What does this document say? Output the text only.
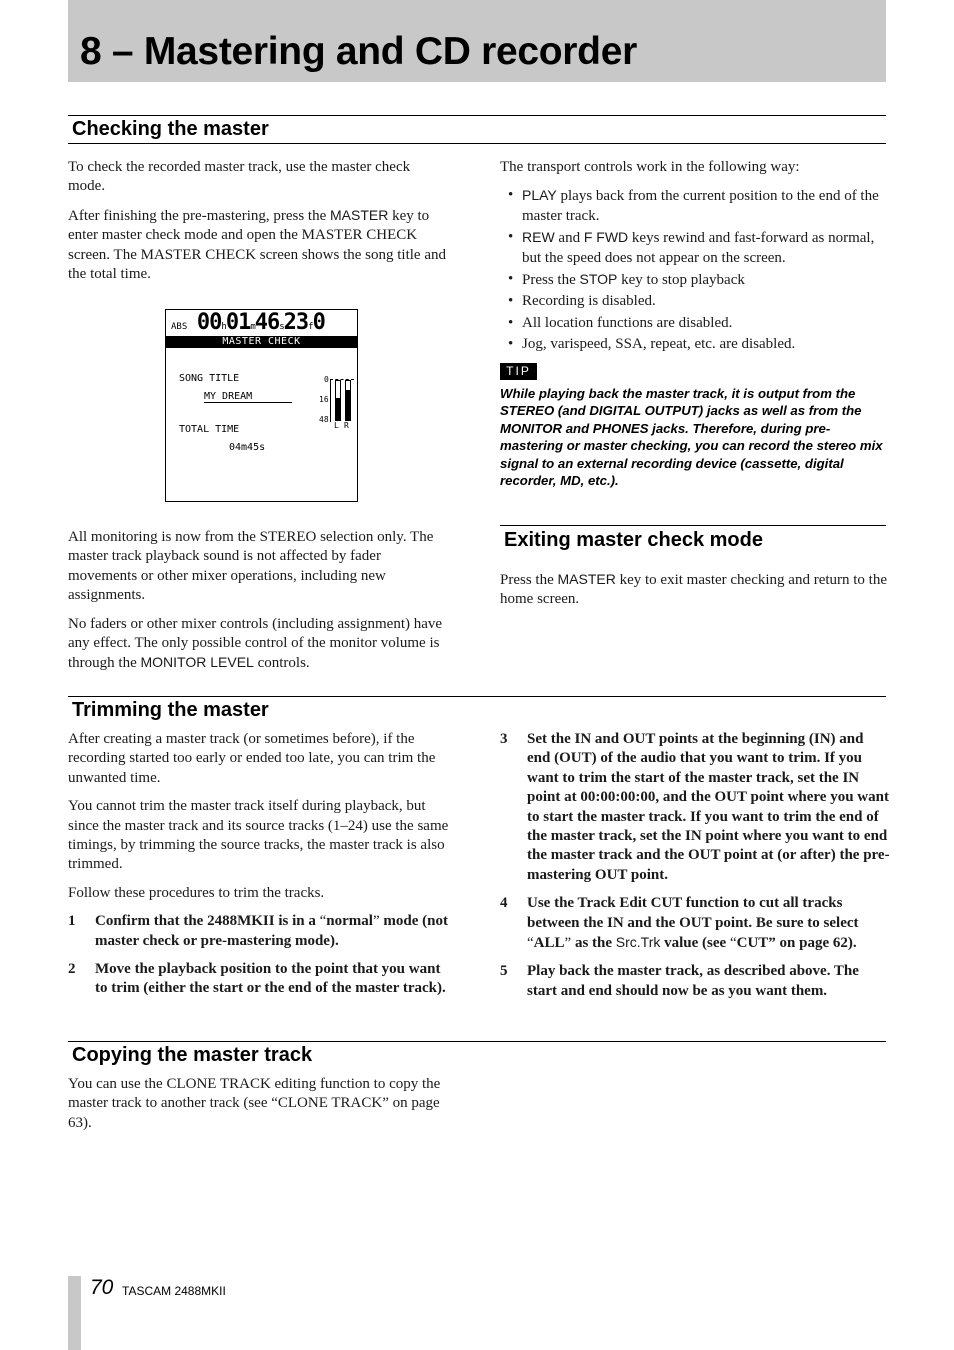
8 – Mastering and CD recorder
Checking the master

To check the recorded master track, use the master check mode.

After finishing the pre-mastering, press the MASTER key to enter master check mode and open the MASTER CHECK screen. The MASTER CHECK screen shows the song title and the total time.

ABS 00h01m46s23f0
MASTER CHECK
SONG TITLE
MY DREAM
TOTAL TIME
04m45s
0
16
48
L R

All monitoring is now from the STEREO selection only. The master track playback sound is not affected by fader movements or other mixer operations, including new assignments.

No faders or other mixer controls (including assignment) have any effect. The only possible control of the monitor volume is through the MONITOR LEVEL controls.

The transport controls work in the following way:

• PLAY plays back from the current position to the end of the master track.
• REW and F FWD keys rewind and fast-forward as normal, but the speed does not appear on the screen.
• Press the STOP key to stop playback
• Recording is disabled.
• All location functions are disabled.
• Jog, varispeed, SSA, repeat, etc. are disabled.
TIP
While playing back the master track, it is output from the STEREO (and DIGITAL OUTPUT) jacks as well as from the MONITOR and PHONES jacks. Therefore, during pre-mastering or master checking, you can record the stereo mix signal to an external recording device (cassette, digital recorder, MD, etc.).
Exiting master check mode

Press the MASTER key to exit master checking and return to the home screen.

Trimming the master

After creating a master track (or sometimes before), if the recording started too early or ended too late, you can trim the unwanted time.

You cannot trim the master track itself during playback, but since the master track and its source tracks (1–24) use the same timings, by trimming the source tracks, the master track is also trimmed.

Follow these procedures to trim the tracks.

1 Confirm that the 2488MKII is in a “normal” mode (not master check or pre-mastering mode).
2 Move the playback position to the point that you want to trim (either the start or the end of the master track).
3 Set the IN and OUT points at the beginning (IN) and end (OUT) of the audio that you want to trim. If you want to trim the start of the master track, set the IN point at 00:00:00:00, and the OUT point where you want to start the master track. If you want to trim the end of the master track, set the IN point where you want to end the master track and the OUT point at (or after) the pre-mastering OUT point.
4 Use the Track Edit CUT function to cut all tracks between the IN and the OUT point. Be sure to select “ALL” as the Src.Trk value (see “CUT” on page 62).
5 Play back the master track, as described above. The start and end should now be as you want them.
Copying the master track

You can use the CLONE TRACK editing function to copy the master track to another track (see “CLONE TRACK” on page 63).

70 TASCAM 2488MKII
